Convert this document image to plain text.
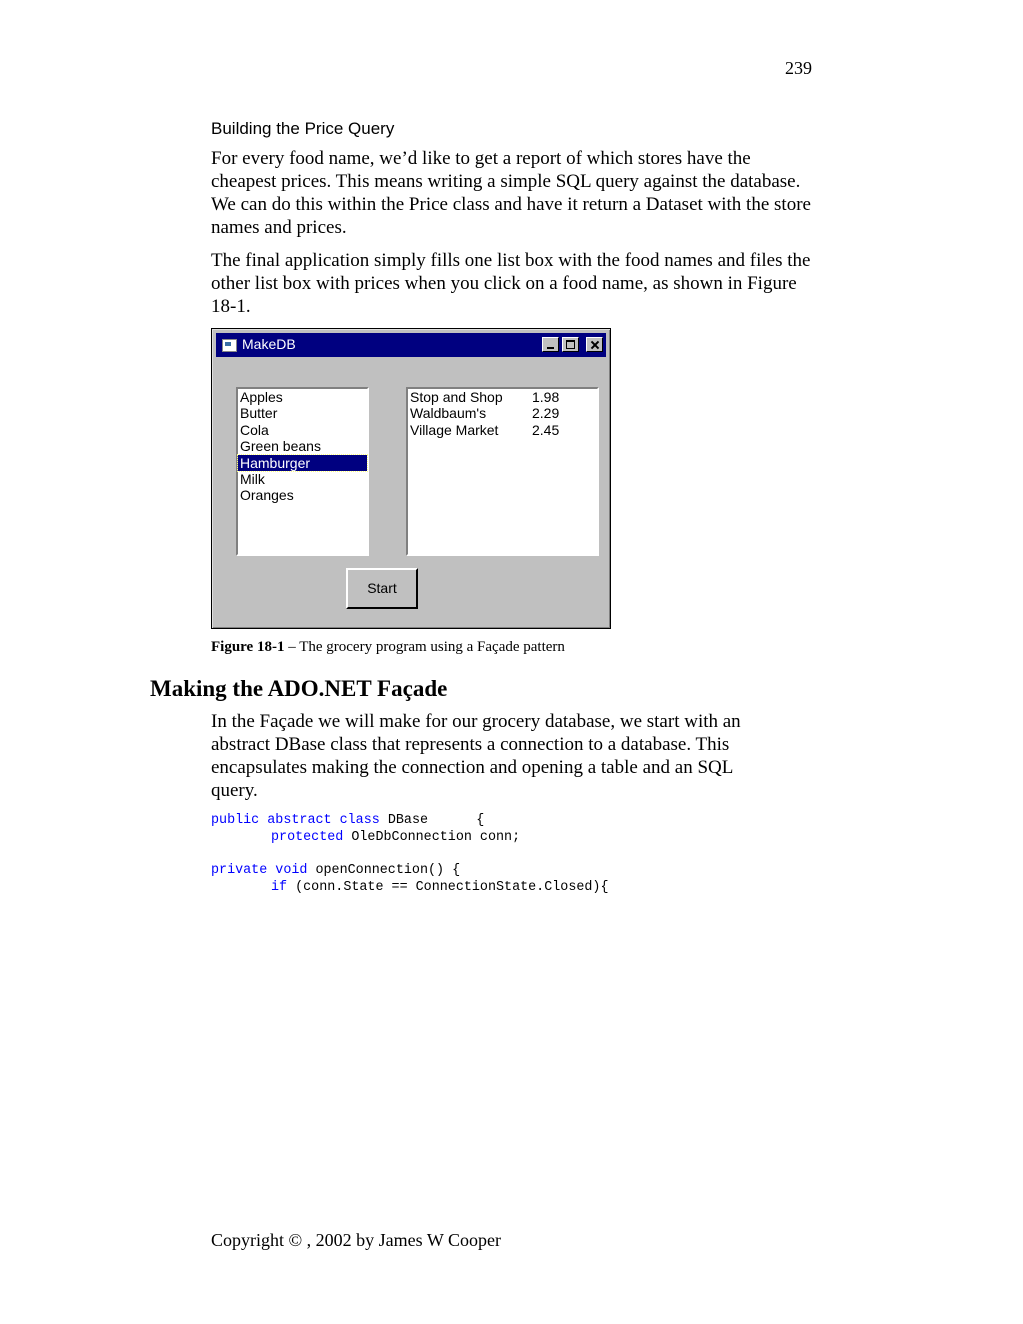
239
Building the Price Query
For every food name, we’d like to get a report of which stores have the cheapest prices. This means writing a simple SQL query against the database. We can do this within the Price class and have it return a Dataset with the store names and prices.
The final application simply fills one list box with the food names and files the other list box with prices when you click on a food name, as shown in Figure 18-1.
MakeDB
Apples
Butter
Cola
Green beans
Hamburger
Milk
Oranges
Stop and Shop 1.98
Waldbaum's	2.29
Village Market 2.45
Start
Figure 18-1 – The grocery program using a Façade pattern
Making the ADO.NET Façade
In the Façade we will make for our grocery database, we start with an abstract DBase class that represents a connection to a database. This encapsulates making the connection and opening a table and an SQL query.
public abstract class DBase      {
protected OleDbConnection conn;
private void openConnection() {
if (conn.State == ConnectionState.Closed){
Copyright © , 2002 by James W Cooper
